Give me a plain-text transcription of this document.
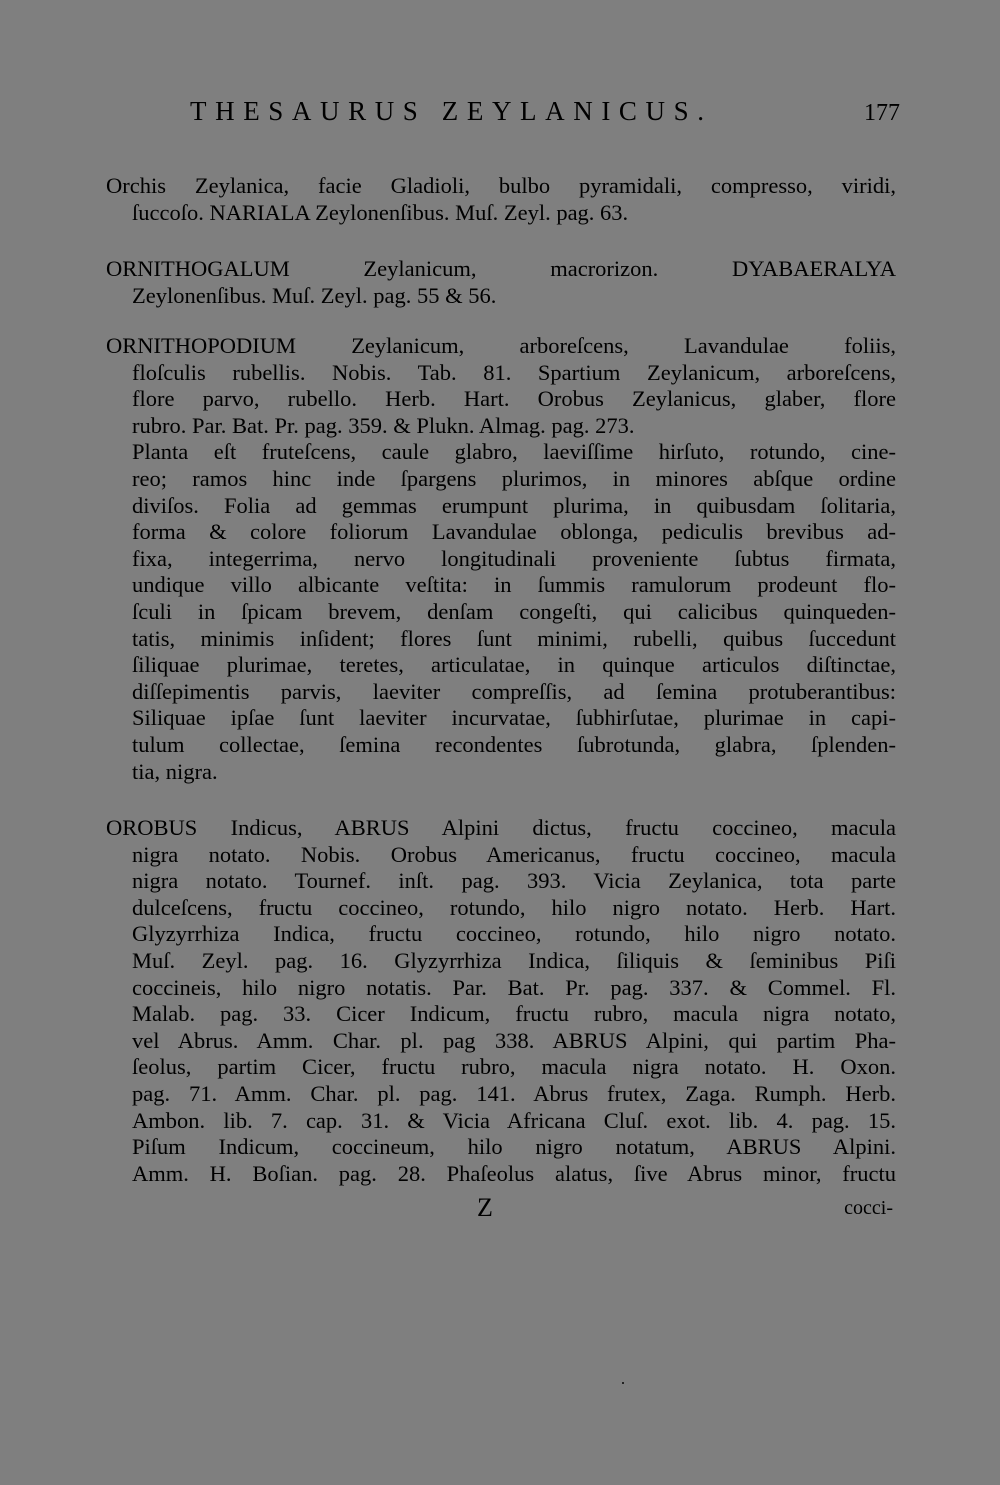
THESAURUS ZEYLANICUS.	177
Orchis Zeylanica, facie Gladioli, bulbo pyramidali, compresso, viridi,
ſuccoſo. NARIALA Zeylonenſibus. Muſ. Zeyl. pag. 63.
ORNITHOGALUM Zeylanicum, macrorizon. DYABAERALYA
Zeylonenſibus. Muſ. Zeyl. pag. 55 & 56.
ORNITHOPODIUM Zeylanicum, arboreſcens, Lavandulae foliis,
floſculis rubellis. Nobis. Tab. 81. Spartium Zeylanicum, arboreſcens,
flore parvo, rubello. Herb. Hart. Orobus Zeylanicus, glaber, flore
rubro. Par. Bat. Pr. pag. 359. & Plukn. Almag. pag. 273.
Planta eſt fruteſcens, caule glabro, laeviſſime hirſuto, rotundo, cine-
reo; ramos hinc inde ſpargens plurimos, in minores abſque ordine
diviſos. Folia ad gemmas erumpunt plurima, in quibusdam ſolitaria,
forma & colore foliorum Lavandulae oblonga, pediculis brevibus ad-
fixa, integerrima, nervo longitudinali proveniente ſubtus firmata,
undique villo albicante veſtita: in ſummis ramulorum prodeunt flo-
ſculi in ſpicam brevem, denſam congeſti, qui calicibus quinqueden-
tatis, minimis inſident; flores ſunt minimi, rubelli, quibus ſuccedunt
ſiliquae plurimae, teretes, articulatae, in quinque articulos diſtinctae,
diſſepimentis parvis, laeviter compreſſis, ad ſemina protuberantibus:
Siliquae ipſae ſunt laeviter incurvatae, ſubhirſutae, plurimae in capi-
tulum collectae, ſemina recondentes ſubrotunda, glabra, ſplenden-
tia, nigra.
OROBUS Indicus, ABRUS Alpini dictus, fructu coccineo, macula
nigra notato. Nobis. Orobus Americanus, fructu coccineo, macula
nigra notato. Tournef. inſt. pag. 393. Vicia Zeylanica, tota parte
dulceſcens, fructu coccineo, rotundo, hilo nigro notato. Herb. Hart.
Glyzyrrhiza Indica, fructu coccineo, rotundo, hilo nigro notato.
Muſ. Zeyl. pag. 16. Glyzyrrhiza Indica, ſiliquis & ſeminibus Piſi
coccineis, hilo nigro notatis. Par. Bat. Pr. pag. 337. & Commel. Fl.
Malab. pag. 33. Cicer Indicum, fructu rubro, macula nigra notato,
vel Abrus. Amm. Char. pl. pag 338. ABRUS Alpini, qui partim Pha-
ſeolus, partim Cicer, fructu rubro, macula nigra notato. H. Oxon.
pag. 71. Amm. Char. pl. pag. 141. Abrus frutex, Zaga. Rumph. Herb.
Ambon. lib. 7. cap. 31. & Vicia Africana Cluſ. exot. lib. 4. pag. 15.
Piſum Indicum, coccineum, hilo nigro notatum, ABRUS Alpini.
Amm. H. Boſian. pag. 28. Phaſeolus alatus, ſive Abrus minor, fructu
Z	cocci-
